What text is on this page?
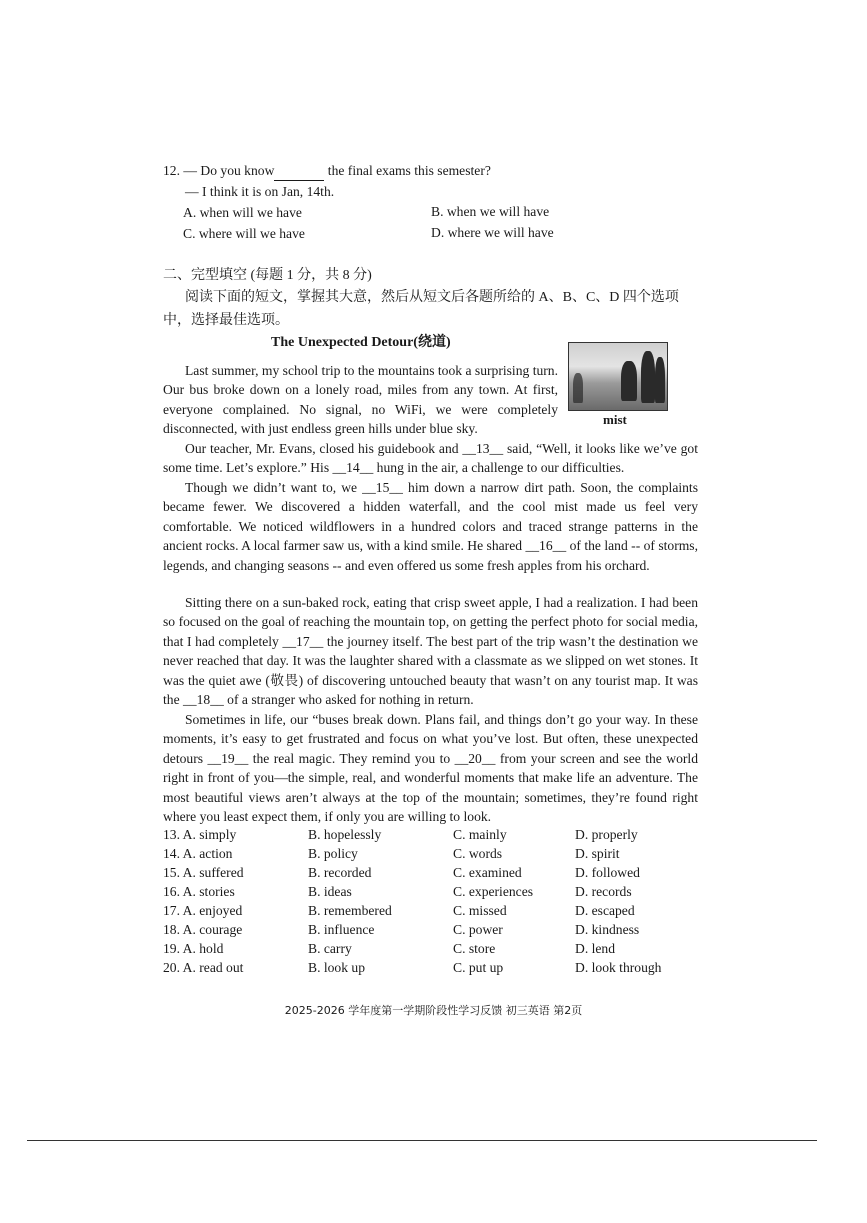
12. — Do you know	the final exams this semester?
— I think it is on Jan, 14th.
A. when will we have	B. when we will have
C. where will we have	D. where we will have
二、完型填空 (每题 1 分，共 8 分)
阅读下面的短文，掌握其大意，然后从短文后各题所给的 A、B、C、D 四个选项中，选择最佳选项。
The Unexpected Detour(绕道)
mist
Last summer, my school trip to the mountains took a surprising turn. Our bus broke down on a lonely road, miles from any town. At first, everyone complained. No signal, no WiFi, we were completely disconnected, with just endless green hills under blue sky.
Our teacher, Mr. Evans, closed his guidebook and __13__ said, “Well, it looks like we’ve got some time. Let’s explore.” His __14__ hung in the air, a challenge to our difficulties.
Though we didn’t want to, we __15__ him down a narrow dirt path. Soon, the complaints became fewer. We discovered a hidden waterfall, and the cool mist made us feel very comfortable. We noticed wildflowers in a hundred colors and traced strange patterns in the ancient rocks. A local farmer saw us, with a kind smile. He shared __16__ of the land -- of storms, legends, and changing seasons -- and even offered us some fresh apples from his orchard.
Sitting there on a sun-baked rock, eating that crisp sweet apple, I had a realization. I had been so focused on the goal of reaching the mountain top, on getting the perfect photo for social media, that I had completely __17__ the journey itself. The best part of the trip wasn’t the destination we never reached that day. It was the laughter shared with a classmate as we slipped on wet stones. It was the quiet awe (敬畏) of discovering untouched beauty that wasn’t on any tourist map. It was the __18__ of a stranger who asked for nothing in return.
Sometimes in life, our “buses break down. Plans fail, and things don’t go your way. In these moments, it’s easy to get frustrated and focus on what you’ve lost. But often, these unexpected detours __19__ the real magic. They remind you to __20__ from your screen and see the world right in front of you—the simple, real, and wonderful moments that make life an adventure. The most beautiful views aren’t always at the top of the mountain; sometimes, they’re found right where you least expect them, if only you are willing to look.
13. A. simply	B. hopelessly	C. mainly	D. properly
14. A. action	B. policy	C. words	D. spirit
15. A. suffered	B. recorded	C. examined	D. followed
16. A. stories	B. ideas	C. experiences	D. records
17. A. enjoyed	B. remembered	C. missed	D. escaped
18. A. courage	B. influence	C. power	D. kindness
19. A. hold	B. carry	C. store	D. lend
20. A. read out	B. look up	C. put up	D. look through
2025-2026 学年度第一学期阶段性学习反馈 初三英语 第2页
